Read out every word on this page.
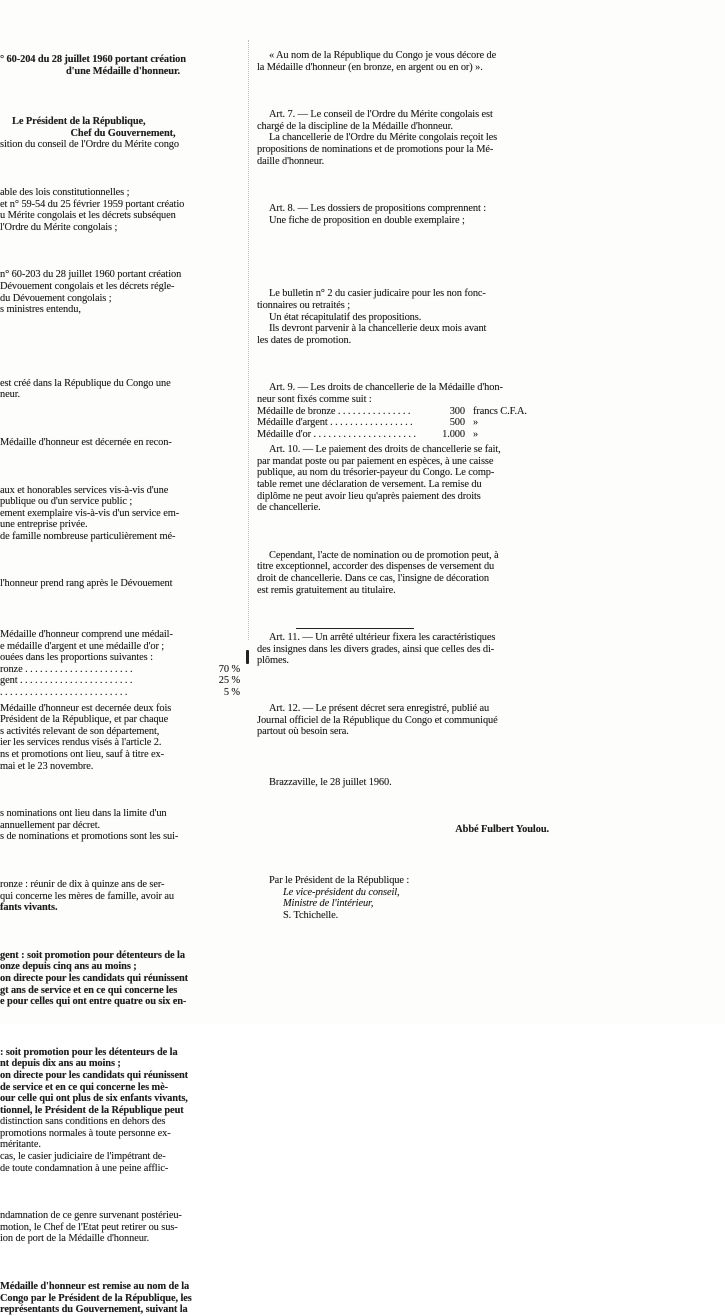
° 60-204 du 28 juillet 1960 portant création

d'une Médaille d'honneur.

Le Président de la République,

Chef du Gouvernement,

sition du conseil de l'Ordre du Mérite congo

able des lois constitutionnelles ;

et n° 59-54 du 25 février 1959 portant créatio

u Mérite congolais et les décrets subséquen

l'Ordre du Mérite congolais ;

n° 60-203 du 28 juillet 1960 portant création

Dévouement congolais et les décrets régle-

du Dévouement congolais ;

s ministres entendu,

est créé dans la République du Congo une

neur.

Médaille d'honneur est décernée en recon-

aux et honorables services vis-à-vis d'une

publique ou d'un service public ;

ement exemplaire vis-à-vis d'un service em-

une entreprise privée.

de famille nombreuse particulièrement mé-

l'honneur prend rang après le Dévouement

Médaille d'honneur comprend une médail-

e médaille d'argent et une médaille d'or ;

ouées dans les proportions suivantes :

ronze . . . . . . . . . . . . . . . . . . . . . .	70 %
gent . . . . . . . . . . . . . . . . . . . . . . .	25 %
. . . . . . . . . . . . . . . . . . . . . . . . . .	5 %

Médaille d'honneur est decernée deux fois

Président de la République, et par chaque

s activités relevant de son département,

ier les services rendus visés à l'article 2.

ns et promotions ont lieu, sauf à titre ex-

mai et le 23 novembre.

s nominations ont lieu dans la limite d'un

annuellement par décret.

s de nominations et promotions sont les sui-

ronze : réunir de dix à quinze ans de ser-

qui concerne les mères de famille, avoir au

fants vivants.

gent : soit promotion pour détenteurs de la

onze depuis cinq ans au moins ;

on directe pour les candidats qui réunissent

gt ans de service et en ce qui concerne les

e pour celles qui ont entre quatre ou six en-

: soit promotion pour les détenteurs de la

nt depuis dix ans au moins ;

on directe pour les candidats qui réunissent

de service et en ce qui concerne les mè-

our celle qui ont plus de six enfants vivants,

tionnel, le Président de la République peut

distinction sans conditions en dehors des

promotions normales à toute personne ex-

méritante.

cas, le casier judiciaire de l'impétrant de-

de toute condamnation à une peine afflic-

ndamnation de ce genre survenant postérieu-

motion, le Chef de l'Etat peut retirer ou sus-

ion de port de la Médaille d'honneur.

Médaille d'honneur est remise au nom de la

Congo par le Président de la République, les

représentants du Gouvernement, suivant la

« Au nom de la République du Congo je vous décore de

la Médaille d'honneur (en bronze, en argent ou en or) ».

Art. 7. — Le conseil de l'Ordre du Mérite congolais est

chargé de la discipline de la Médaille d'honneur.

La chancellerie de l'Ordre du Mérite congolais reçoit les

propositions de nominations et de promotions pour la Mé-

daille d'honneur.

Art. 8. — Les dossiers de propositions comprennent :

Une fiche de proposition en double exemplaire ;

Le bulletin n° 2 du casier judicaire pour les non fonc-

tionnaires ou retraités ;

Un état récapitulatif des propositions.

Ils devront parvenir à la chancellerie deux mois avant

les dates de promotion.

Art. 9. — Les droits de chancellerie de la Médaille d'hon-

neur sont fixés comme suit :

Médaille de bronze . . . . . . . . . . . . . . .	300 francs C.F.A.
Médaille d'argent . . . . . . . . . . . . . . . . .	500 »
Médaille d'or . . . . . . . . . . . . . . . . . . . . .	1.000 »

Art. 10. — Le paiement des droits de chancellerie se fait,

par mandat poste ou par paiement en espèces, à une caisse

publique, au nom du trésorier-payeur du Congo. Le comp-

table remet une déclaration de versement. La remise du

diplôme ne peut avoir lieu qu'après paiement des droits

de chancellerie.

Cependant, l'acte de nomination ou de promotion peut, à

titre exceptionnel, accorder des dispenses de versement du

droit de chancellerie. Dans ce cas, l'insigne de décoration

est remis gratuitement au titulaire.

Art. 11. — Un arrêté ultérieur fixera les caractéristiques

des insignes dans les divers grades, ainsi que celles des di-

plômes.

Art. 12. — Le présent décret sera enregistré, publié au

Journal officiel de la République du Congo et communiqué

partout où besoin sera.

Brazzaville, le 28 juillet 1960.

Abbé Fulbert Youlou.

Par le Président de la République :

Le vice-président du conseil,

Ministre de l'intérieur,

S. Tchichelle.
